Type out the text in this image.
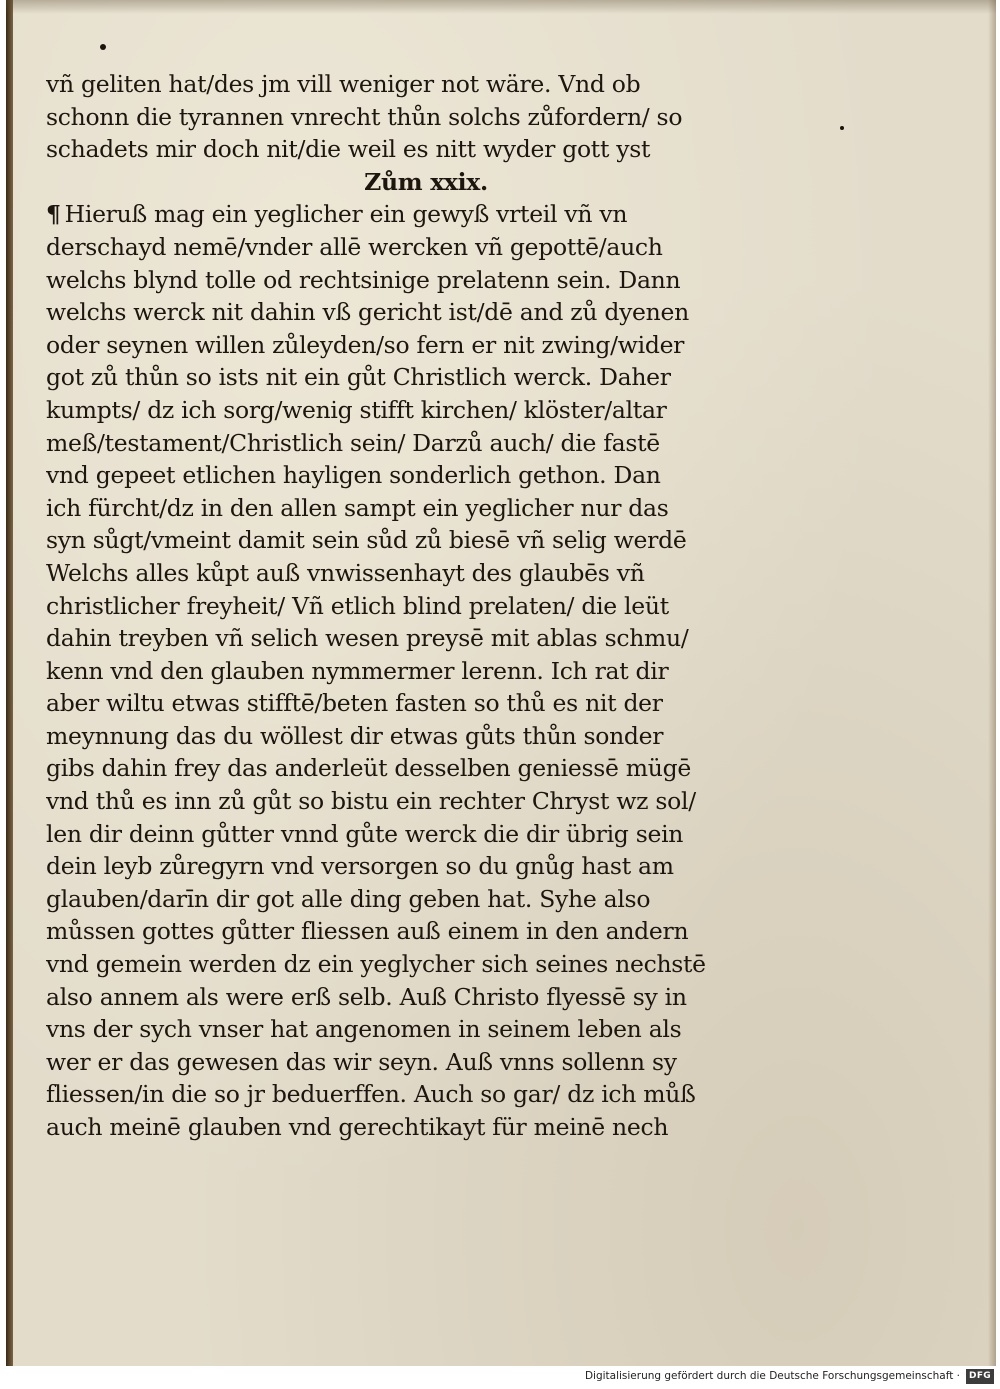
vñ geliten hat/des jm vill weniger not wäre. Vnd ob
schonn die tyrannen vnrecht thůn solchs zůfordern/ so
schadets mir doch nit/die weil es nitt wyder gott yst
Zům xxix.
¶ Hieruß mag ein yeglicher ein gewyß vrteil vñ vn
derschayd nemē/vnder allē wercken vñ gepottē/auch
welchs blynd tolle od rechtsinige prelatenn sein. Dann
welchs werck nit dahin vß gericht ist/dē and zů dyenen
oder seynen willen zůleyden/so fern er nit zwing/wider
got zů thůn so ists nit ein gůt Christlich werck. Daher
kumpts/ dz ich sorg/wenig stifft kirchen/ klöster/altar
meß/testament/Christlich sein/ Darzů auch/ die fastē
vnd gepeet etlichen hayligen sonderlich gethon. Dan
ich fürcht/dz in den allen sampt ein yeglicher nur das
syn sůgt/vmeint damit sein sůd zů biesē vñ selig werdē
Welchs alles kůpt auß vnwissenhayt des glaubēs vñ
christlicher freyheit/ Vñ etlich blind prelaten/ die leüt
dahin treyben vñ selich wesen preysē mit ablas schmu/
kenn vnd den glauben nymmermer lerenn. Ich rat dir
aber wiltu etwas stifftē/beten fasten so thů es nit der
meynnung das du wöllest dir etwas gůts thůn sonder
gibs dahin frey das anderleüt desselben geniessē mügē
vnd thů es inn zů gůt so bistu ein rechter Chryst wz sol/
len dir deinn gůtter vnnd gůte werck die dir übrig sein
dein leyb zůregyrn vnd versorgen so du gnůg hast am
glauben/darīn dir got alle ding geben hat. Syhe also
můssen gottes gůtter fliessen auß einem in den andern
vnd gemein werden dz ein yeglycher sich seines nechstē
also annem als were erß selb. Auß Christo flyessē sy in
vns der sych vnser hat angenomen in seinem leben als
wer er das gewesen das wir seyn. Auß vnns sollenn sy
fliessen/in die so jr beduerffen. Auch so gar/ dz ich můß
auch meinē glauben vnd gerechtikayt für meinē nech
Digitalisierung gefördert durch die Deutsche Forschungsgemeinschaft ·	DFG
